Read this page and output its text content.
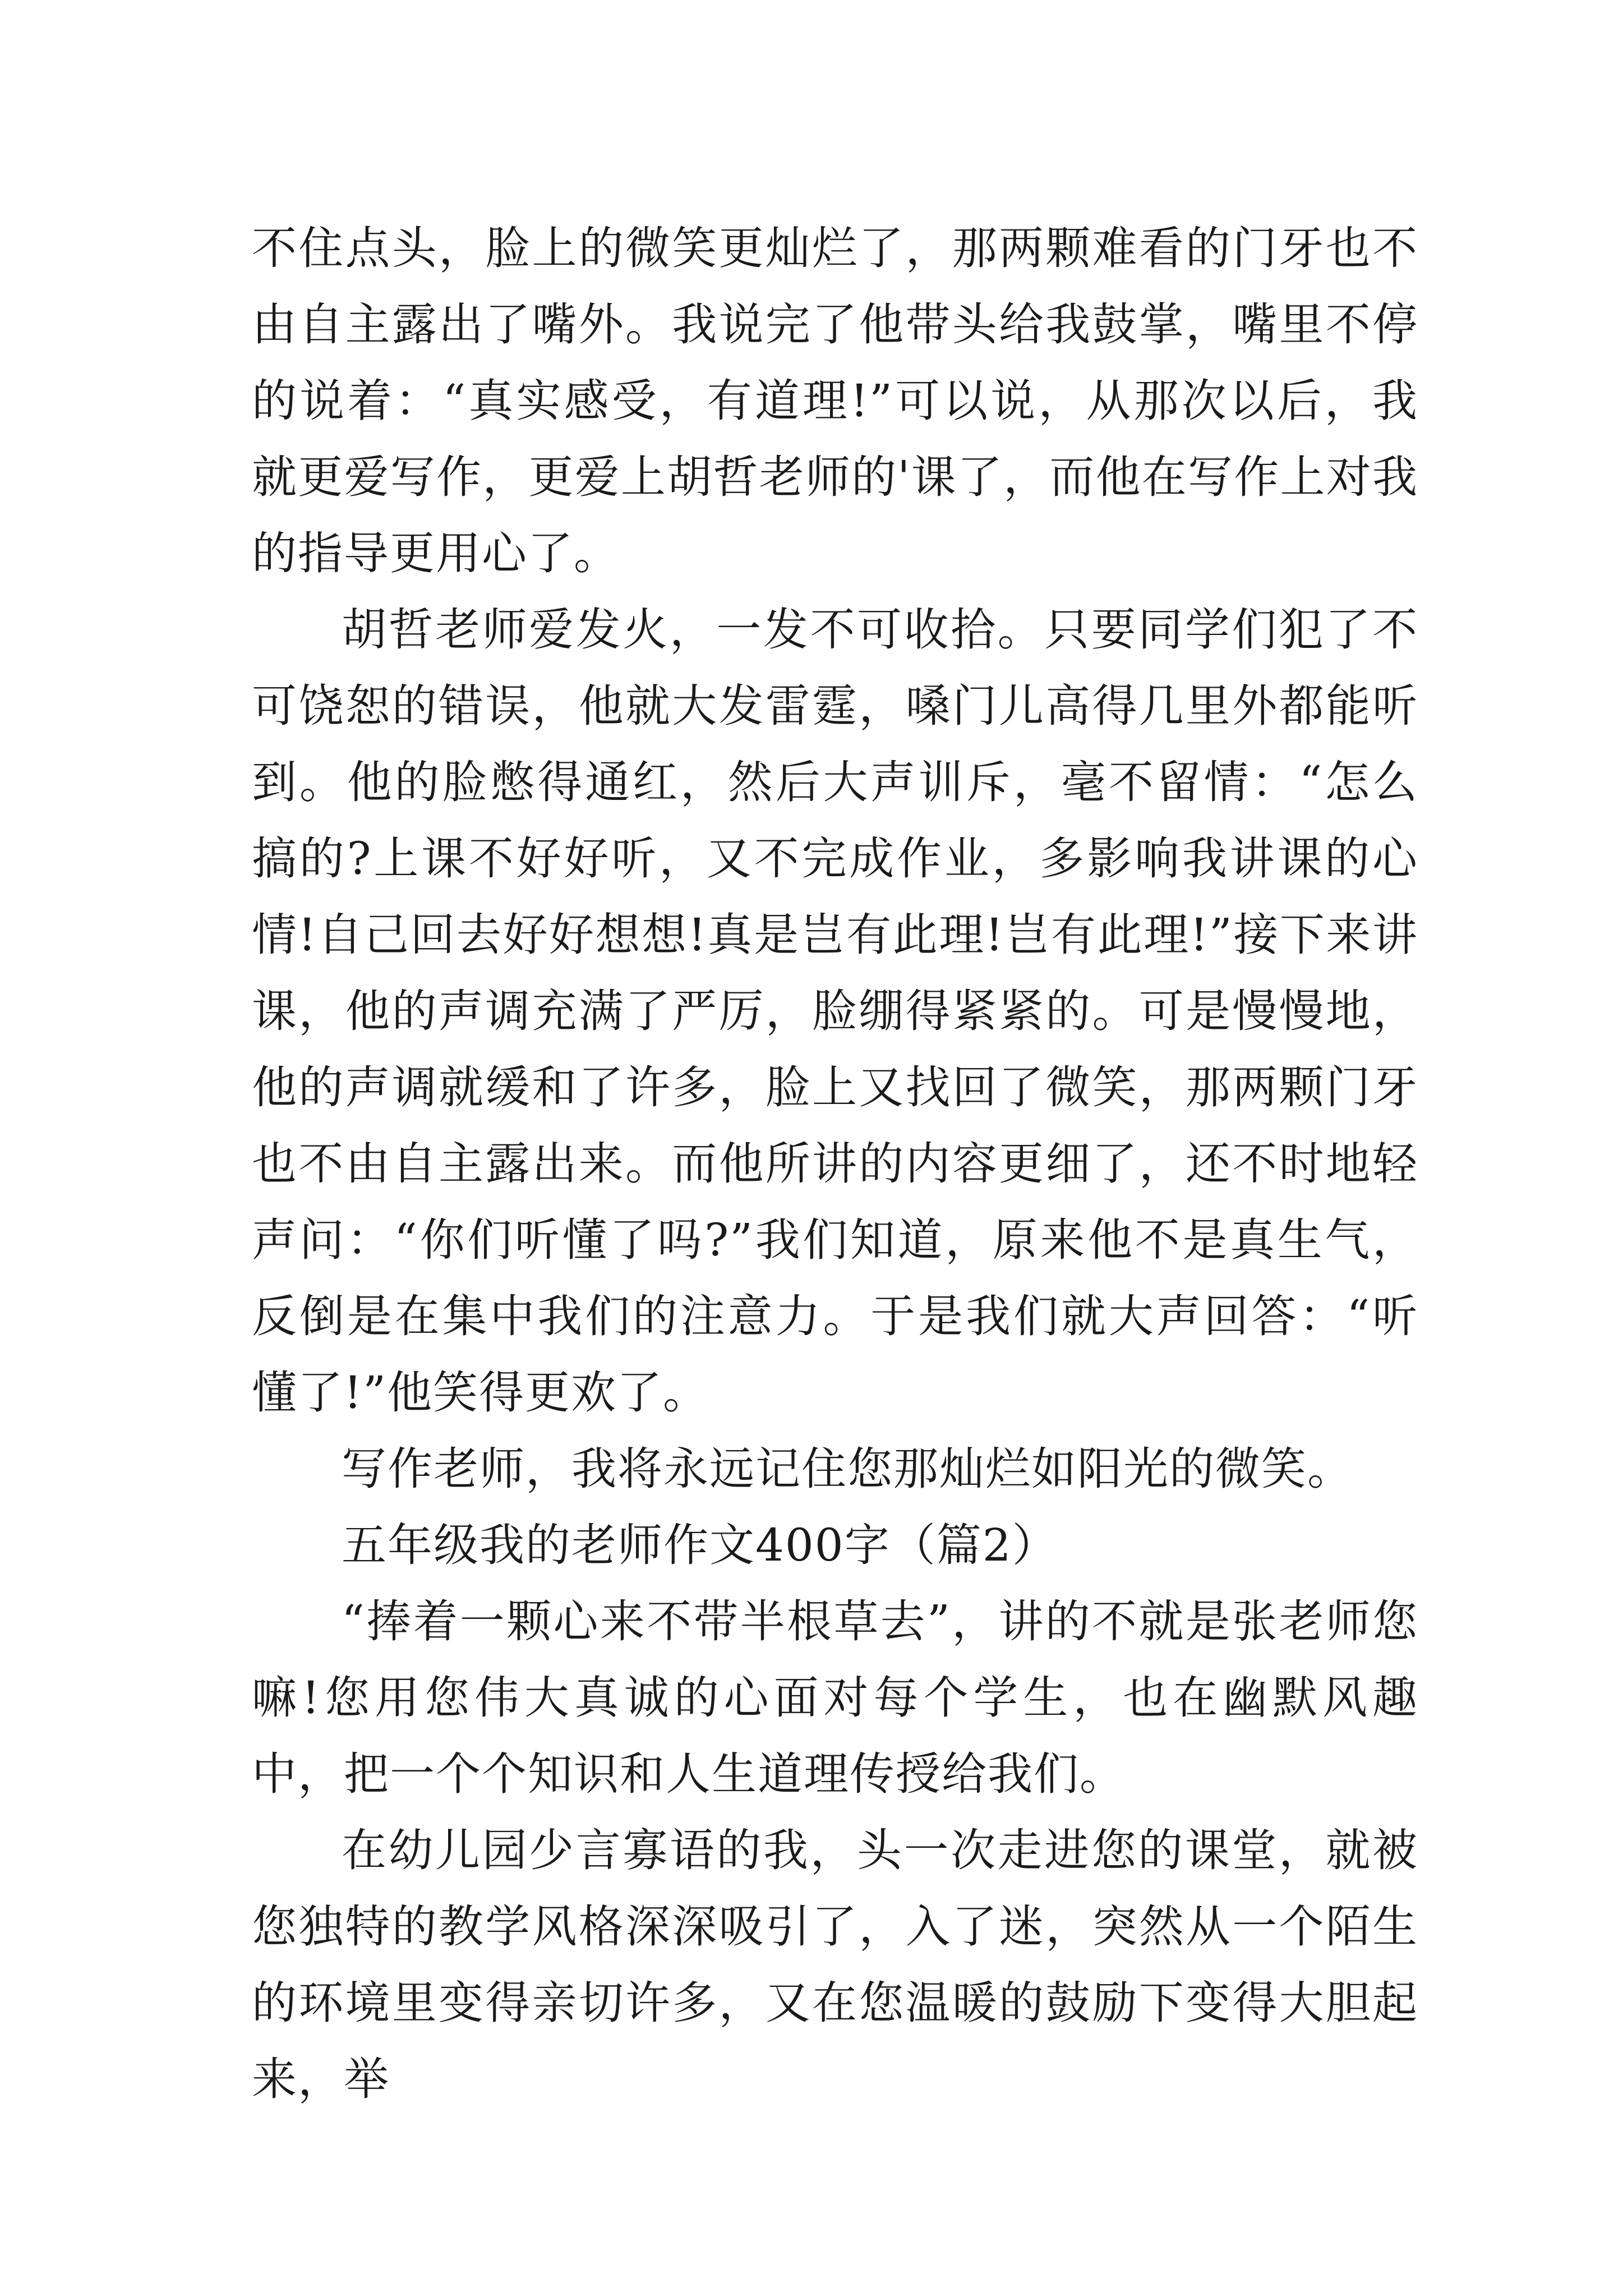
不住点头，脸上的微笑更灿烂了，那两颗难看的门牙也不由自主露出了嘴外。我说完了他带头给我鼓掌，嘴里不停的说着：“真实感受，有道理!”可以说，从那次以后，我就更爱写作，更爱上胡哲老师的'课了，而他在写作上对我的指导更用心了。

胡哲老师爱发火，一发不可收拾。只要同学们犯了不可饶恕的错误，他就大发雷霆，嗓门儿高得几里外都能听到。他的脸憋得通红，然后大声训斥，毫不留情：“怎么搞的?上课不好好听，又不完成作业，多影响我讲课的心情!自己回去好好想想!真是岂有此理!岂有此理!”接下来讲课，他的声调充满了严厉，脸绷得紧紧的。可是慢慢地，他的声调就缓和了许多，脸上又找回了微笑，那两颗门牙也不由自主露出来。而他所讲的内容更细了，还不时地轻声问：“你们听懂了吗?”我们知道，原来他不是真生气，反倒是在集中我们的注意力。于是我们就大声回答：“听懂了!”他笑得更欢了。

写作老师，我将永远记住您那灿烂如阳光的微笑。

五年级我的老师作文400字（篇2）

“捧着一颗心来不带半根草去”，讲的不就是张老师您嘛!您用您伟大真诚的心面对每个学生，也在幽默风趣中，把一个个知识和人生道理传授给我们。

在幼儿园少言寡语的我，头一次走进您的课堂，就被您独特的教学风格深深吸引了，入了迷，突然从一个陌生的环境里变得亲切许多，又在您温暖的鼓励下变得大胆起来，举
